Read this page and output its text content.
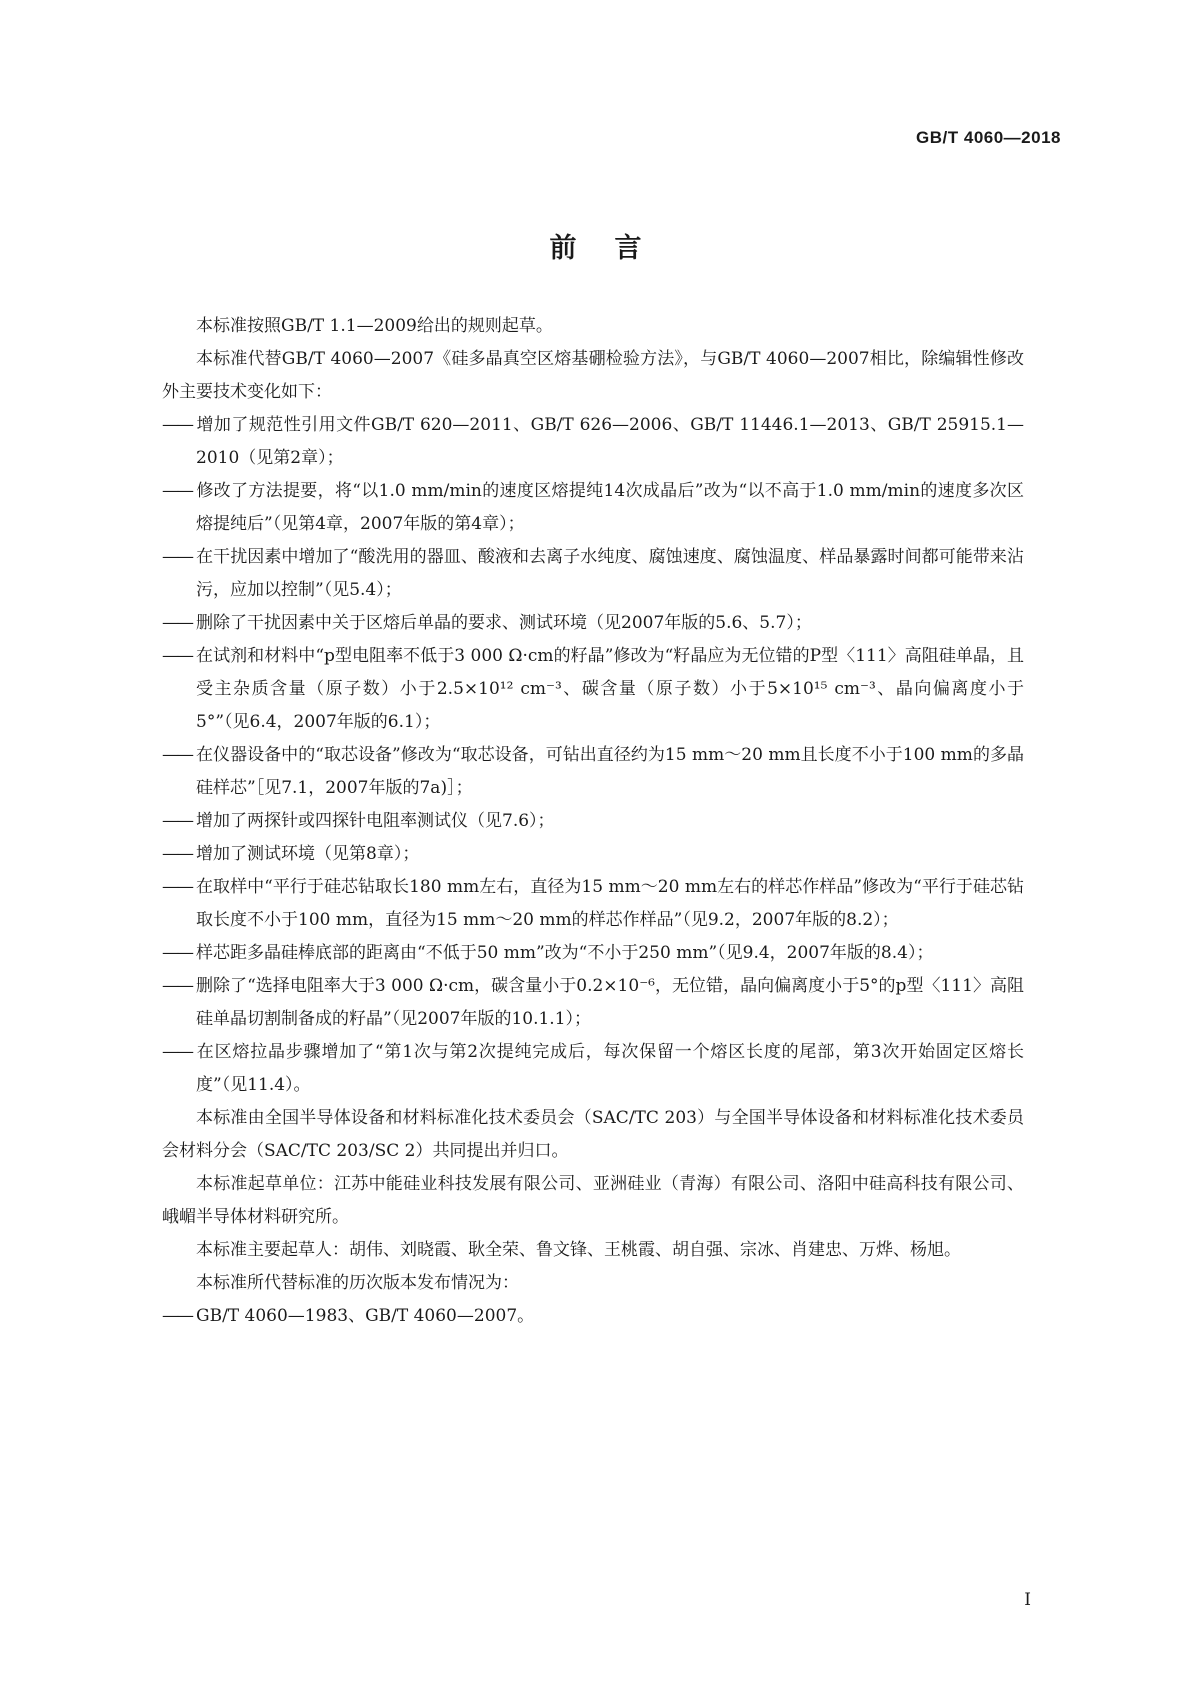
GB/T 4060—2018
前言

本标准按照GB/T 1.1—2009给出的规则起草。

本标准代替GB/T 4060—2007《硅多晶真空区熔基硼检验方法》，与GB/T 4060—2007相比，除编辑性修改外主要技术变化如下：

—— 增加了规范性引用文件GB/T 620—2011、GB/T 626—2006、GB/T 11446.1—2013、GB/T 25915.1—2010（见第2章）；

—— 修改了方法提要，将“以1.0 mm/min的速度区熔提纯14次成晶后”改为“以不高于1.0 mm/min的速度多次区熔提纯后”（见第4章，2007年版的第4章）；

—— 在干扰因素中增加了“酸洗用的器皿、酸液和去离子水纯度、腐蚀速度、腐蚀温度、样品暴露时间都可能带来沾污，应加以控制”（见5.4）；

—— 删除了干扰因素中关于区熔后单晶的要求、测试环境（见2007年版的5.6、5.7）；

—— 在试剂和材料中“p型电阻率不低于3 000 Ω·cm的籽晶”修改为“籽晶应为无位错的P型〈111〉高阻硅单晶，且受主杂质含量（原子数）小于2.5×10¹² cm⁻³、碳含量（原子数）小于5×10¹⁵ cm⁻³、晶向偏离度小于5°”（见6.4，2007年版的6.1）；

—— 在仪器设备中的“取芯设备”修改为“取芯设备，可钻出直径约为15 mm～20 mm且长度不小于100 mm的多晶硅样芯”［见7.1，2007年版的7a)］；

—— 增加了两探针或四探针电阻率测试仪（见7.6）；

—— 增加了测试环境（见第8章）；

—— 在取样中“平行于硅芯钻取长180 mm左右，直径为15 mm～20 mm左右的样芯作样品”修改为“平行于硅芯钻取长度不小于100 mm，直径为15 mm～20 mm的样芯作样品”（见9.2，2007年版的8.2）；

—— 样芯距多晶硅棒底部的距离由“不低于50 mm”改为“不小于250 mm”（见9.4，2007年版的8.4）；

—— 删除了“选择电阻率大于3 000 Ω·cm，碳含量小于0.2×10⁻⁶，无位错，晶向偏离度小于5°的p型〈111〉高阻硅单晶切割制备成的籽晶”（见2007年版的10.1.1）；

—— 在区熔拉晶步骤增加了“第1次与第2次提纯完成后，每次保留一个熔区长度的尾部，第3次开始固定区熔长度”（见11.4）。

本标准由全国半导体设备和材料标准化技术委员会（SAC/TC 203）与全国半导体设备和材料标准化技术委员会材料分会（SAC/TC 203/SC 2）共同提出并归口。

本标准起草单位：江苏中能硅业科技发展有限公司、亚洲硅业（青海）有限公司、洛阳中硅高科技有限公司、峨嵋半导体材料研究所。

本标准主要起草人：胡伟、刘晓霞、耿全荣、鲁文锋、王桃霞、胡自强、宗冰、肖建忠、万烨、杨旭。

本标准所代替标准的历次版本发布情况为：

—— GB/T 4060—1983、GB/T 4060—2007。

I
